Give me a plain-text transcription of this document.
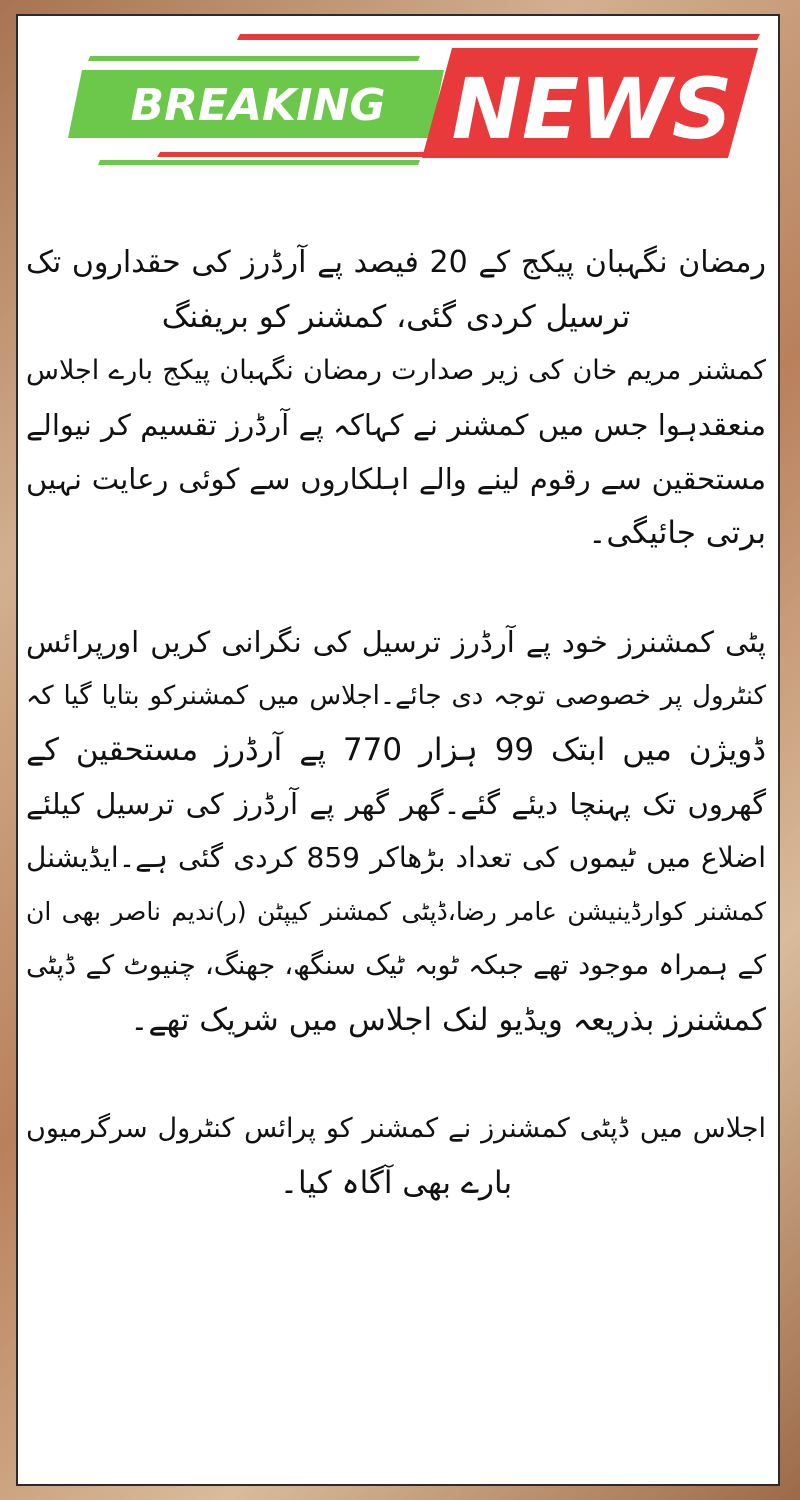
BREAKING NEWS
رمضان نگہبان پیکج کے 20 فیصد پے آرڈرز کی حقداروں تک
ترسیل کردی گئی، کمشنر کو بریفنگ
کمشنر مریم خان کی زیر صدارت رمضان نگہبان پیکج بارے اجلاس
منعقدہوا جس میں کمشنر نے کہاکہ پے آرڈرز تقسیم کر نیوالے
مستحقین سے رقوم لینے والے اہلکاروں سے کوئی رعایت نہیں
برتی جائیگی۔
پٹی کمشنرز خود پے آرڈرز ترسیل کی نگرانی کریں اورپرائس
کنٹرول پر خصوصی توجہ دی جائے۔اجلاس میں کمشنرکو بتایا گیا کہ
ڈویژن میں ابتک 99 ہزار 770 پے آرڈرز مستحقین کے
گھروں تک پہنچا دیئے گئے۔گھر گھر پے آرڈرز کی ترسیل کیلئے
اضلاع میں ٹیموں کی تعداد بڑھاکر 859 کردی گئی ہے۔ایڈیشنل
کمشنر کوارڈینیشن عامر رضا،ڈپٹی کمشنر کیپٹن (ر)ندیم ناصر بھی ان
کے ہمراہ موجود تھے جبکہ ٹوبہ ٹیک سنگھ، جھنگ، چنیوٹ کے ڈپٹی
کمشنرز بذریعہ ویڈیو لنک اجلاس میں شریک تھے۔
اجلاس میں ڈپٹی کمشنرز نے کمشنر کو پرائس کنٹرول سرگرمیوں
بارے بھی آگاہ کیا۔
